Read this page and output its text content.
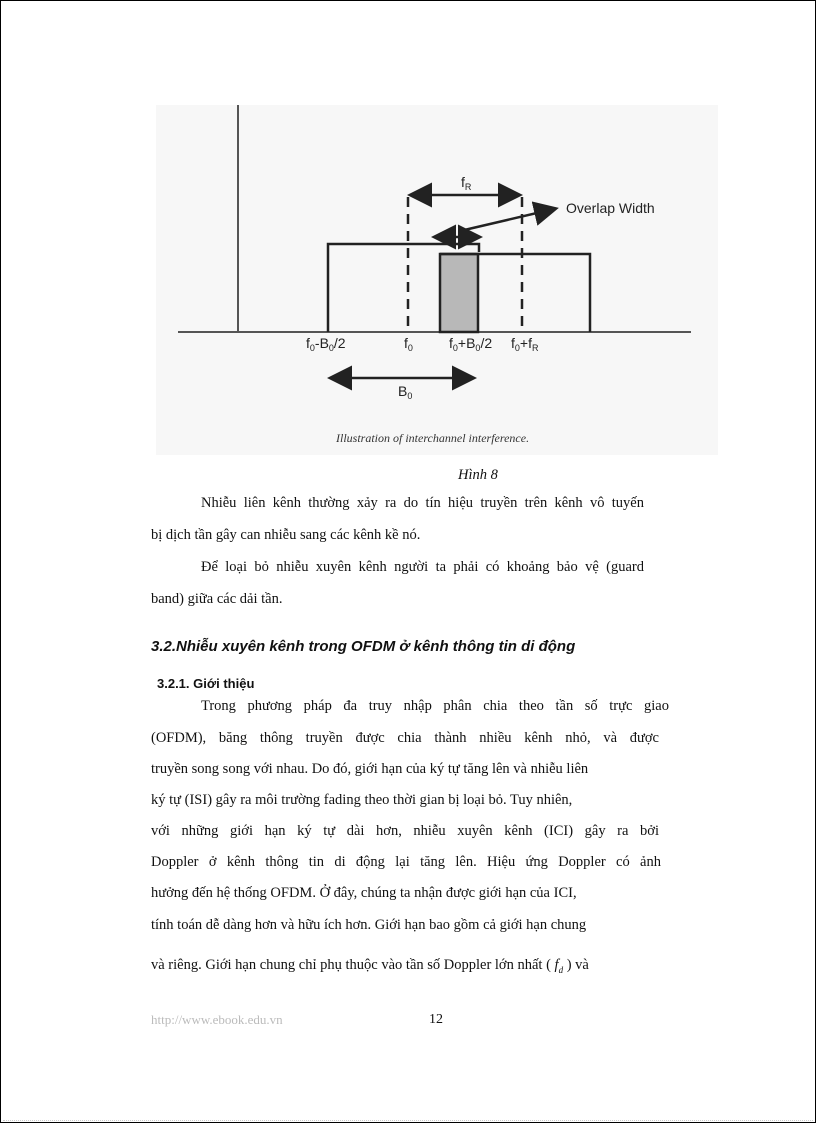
$f_R$
Overlap Width
$f_0-B_0/2$	$f_0$	$f_0+B_0/2$ $f_0+f_R$
$B_0$
Illustration of interchannel interference.
Hình 8
Nhiễu liên kênh thường xảy ra do tín hiệu truyền trên kênh vô tuyến
bị dịch tần gây can nhiễu sang các kênh kề nó.
Để loại bỏ nhiễu xuyên kênh người ta phải có khoảng bảo vệ (guard
band) giữa các dải tần.
3.2.Nhiễu xuyên kênh trong OFDM ở kênh thông tin di động
3.2.1. Giới thiệu
Trong phương pháp đa truy nhập phân chia theo tần số trực giao
(OFDM), băng thông truyền được chia thành nhiều kênh nhỏ, và được
truyền song song với nhau. Do đó, giới hạn của ký tự tăng lên và nhiễu liên
ký tự (ISI) gây ra môi trường fading theo thời gian bị loại bỏ. Tuy nhiên,
với những giới hạn ký tự dài hơn, nhiễu xuyên kênh (ICI) gây ra bởi
Doppler ở kênh thông tin di động lại tăng lên. Hiệu ứng Doppler có ảnh
hưởng đến hệ thống OFDM. Ở đây, chúng ta nhận được giới hạn của ICI,
tính toán dễ dàng hơn và hữu ích hơn. Giới hạn bao gồm cả giới hạn chung
và riêng. Giới hạn chung chỉ phụ thuộc vào tần số Doppler lớn nhất ( $f_d$ ) và
http://www.ebook.edu.vn	12
